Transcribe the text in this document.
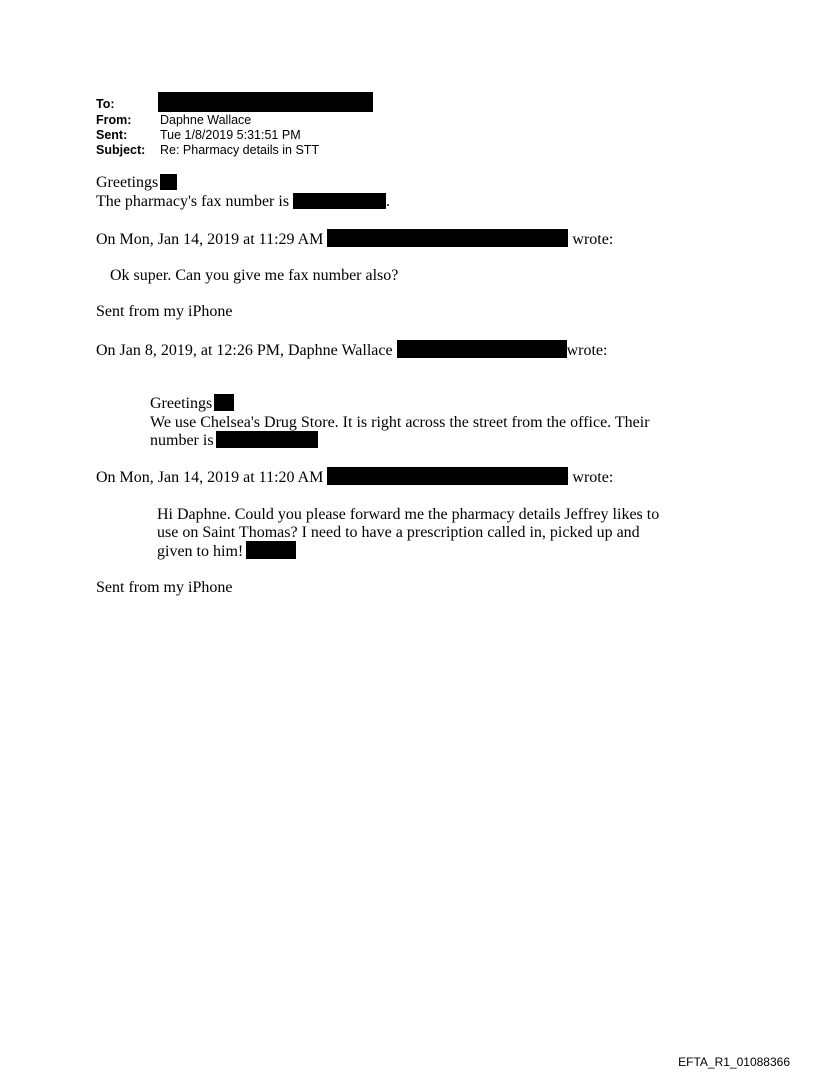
To:
From: Daphne Wallace
Sent:	Tue 1/8/2019 5:31:51 PM
Subject: Re: Pharmacy details in STT
Greetings
The pharmacy's fax number is	.
On Mon, Jan 14, 2019 at 11:29 AM	wrote:
Ok super. Can you give me fax number also?
Sent from my iPhone
On Jan 8, 2019, at 12:26 PM, Daphne Wallace	wrote:
Greetings
We use Chelsea's Drug Store. It is right across the street from the office. Their
number is
On Mon, Jan 14, 2019 at 11:20 AM	wrote:
Hi Daphne. Could you please forward me the pharmacy details Jeffrey likes to
use on Saint Thomas? I need to have a prescription called in, picked up and
given to him!
Sent from my iPhone
EFTA_R1_01088366
